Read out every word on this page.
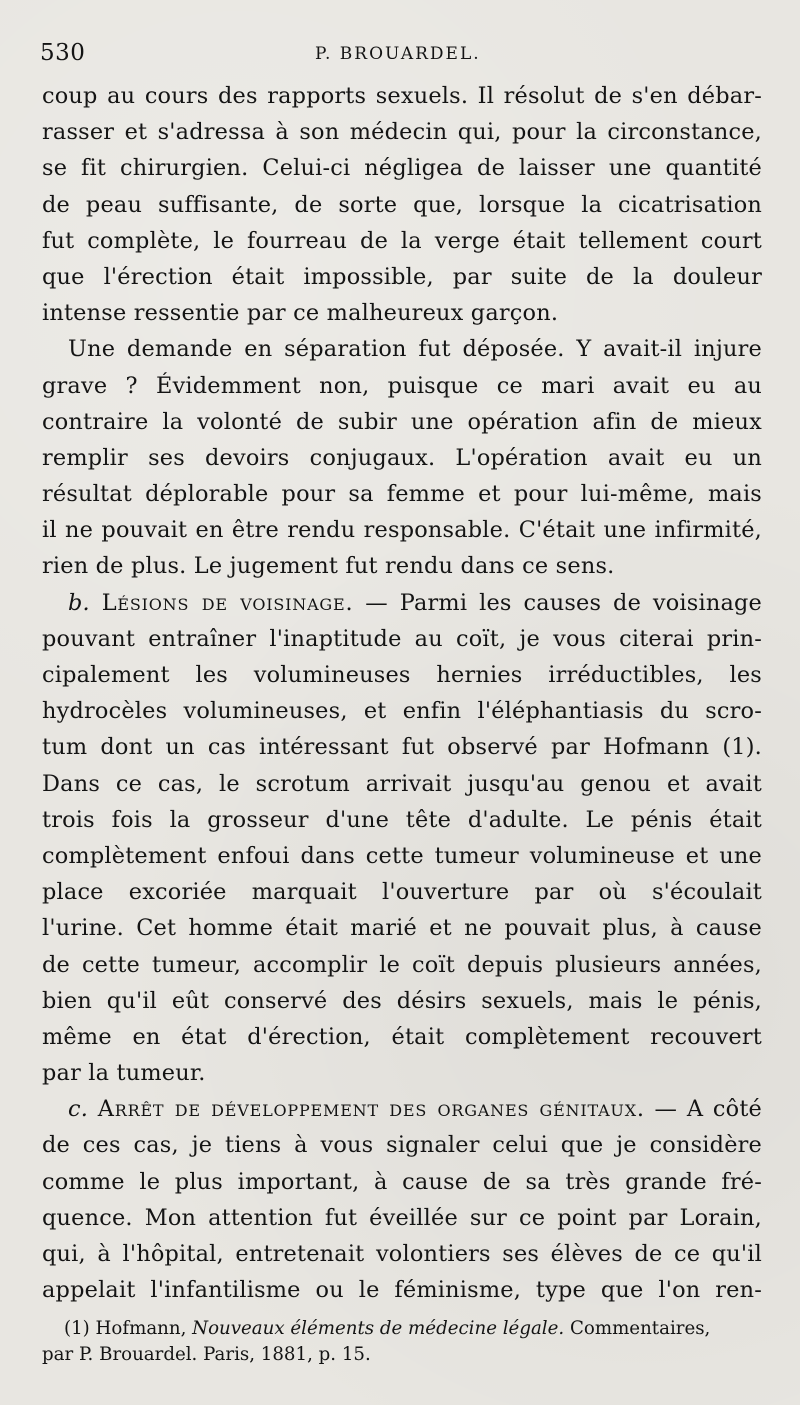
530	P. BROUARDEL.
coup au cours des rapports sexuels. Il résolut de s'en débar-
rasser et s'adressa à son médecin qui, pour la circonstance,
se fit chirurgien. Celui-ci négligea de laisser une quantité
de peau suffisante, de sorte que, lorsque la cicatrisation
fut complète, le fourreau de la verge était tellement court
que l'érection était impossible, par suite de la douleur
intense ressentie par ce malheureux garçon.
Une demande en séparation fut déposée. Y avait-il injure
grave ? Évidemment non, puisque ce mari avait eu au
contraire la volonté de subir une opération afin de mieux
remplir ses devoirs conjugaux. L'opération avait eu un
résultat déplorable pour sa femme et pour lui-même, mais
il ne pouvait en être rendu responsable. C'était une infirmité,
rien de plus. Le jugement fut rendu dans ce sens.
b. Lésions de voisinage. — Parmi les causes de voisinage
pouvant entraîner l'inaptitude au coït, je vous citerai prin-
cipalement les volumineuses hernies irréductibles, les
hydrocèles volumineuses, et enfin l'éléphantiasis du scro-
tum dont un cas intéressant fut observé par Hofmann (1).
Dans ce cas, le scrotum arrivait jusqu'au genou et avait
trois fois la grosseur d'une tête d'adulte. Le pénis était
complètement enfoui dans cette tumeur volumineuse et une
place excoriée marquait l'ouverture par où s'écoulait
l'urine. Cet homme était marié et ne pouvait plus, à cause
de cette tumeur, accomplir le coït depuis plusieurs années,
bien qu'il eût conservé des désirs sexuels, mais le pénis,
même en état d'érection, était complètement recouvert
par la tumeur.
c. Arrêt de développement des organes génitaux. — A côté
de ces cas, je tiens à vous signaler celui que je considère
comme le plus important, à cause de sa très grande fré-
quence. Mon attention fut éveillée sur ce point par Lorain,
qui, à l'hôpital, entretenait volontiers ses élèves de ce qu'il
appelait l'infantilisme ou le féminisme, type que l'on ren-
(1) Hofmann, Nouveaux éléments de médecine légale. Commentaires,
par P. Brouardel. Paris, 1881, p. 15.
